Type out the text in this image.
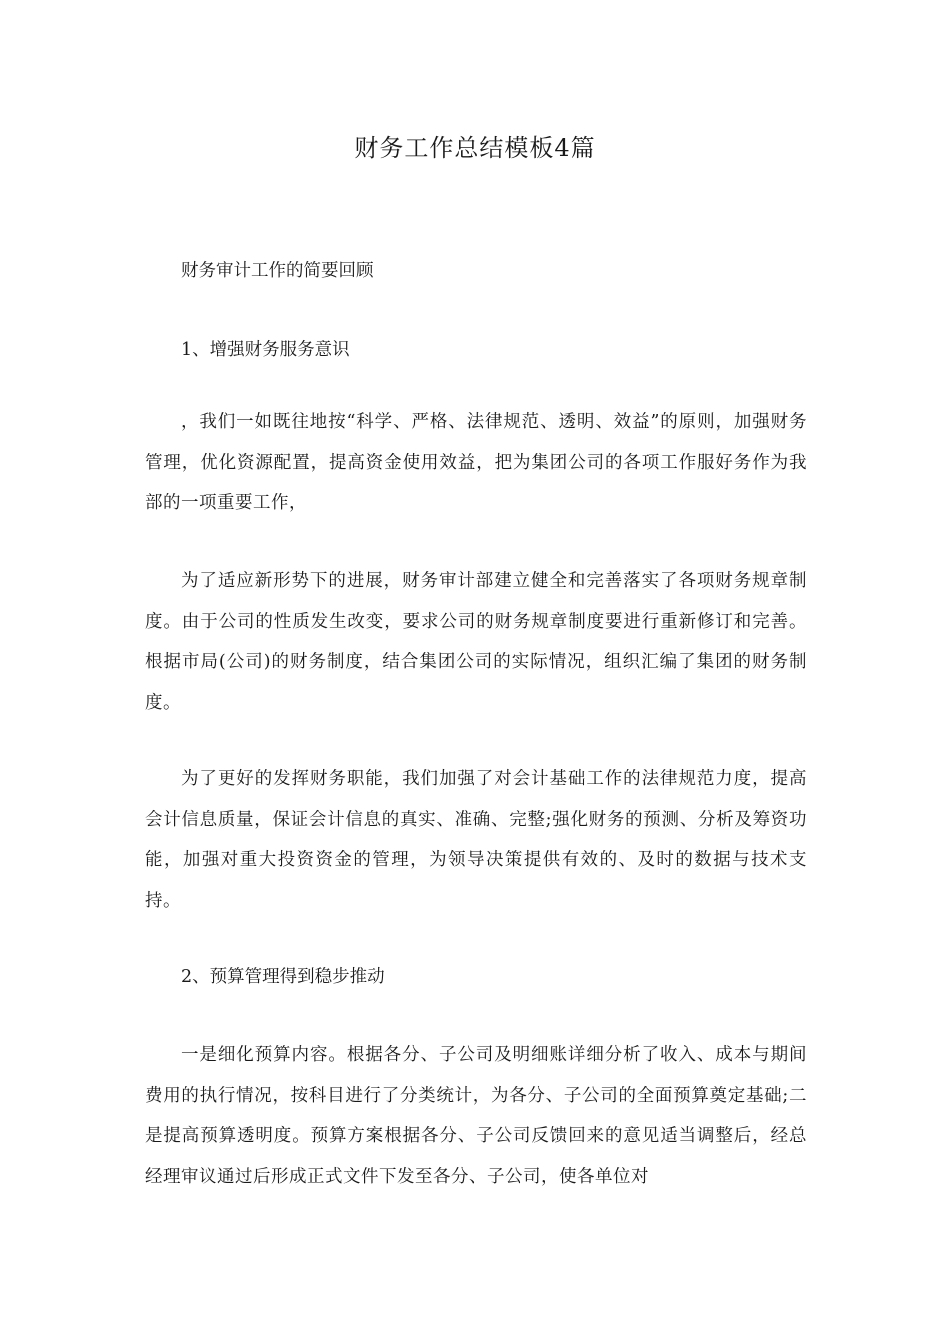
财务工作总结模板4篇
财务审计工作的简要回顾
1、增强财务服务意识
，我们一如既往地按“科学、严格、法律规范、透明、效益”的原则，加强财务管理，优化资源配置，提高资金使用效益，把为集团公司的各项工作服好务作为我部的一项重要工作，
为了适应新形势下的进展，财务审计部建立健全和完善落实了各项财务规章制度。由于公司的性质发生改变，要求公司的财务规章制度要进行重新修订和完善。根据市局(公司)的财务制度，结合集团公司的实际情况，组织汇编了集团的财务制度。
为了更好的发挥财务职能，我们加强了对会计基础工作的法律规范力度，提高会计信息质量，保证会计信息的真实、准确、完整;强化财务的预测、分析及筹资功能，加强对重大投资资金的管理，为领导决策提供有效的、及时的数据与技术支持。
2、预算管理得到稳步推动
一是细化预算内容。根据各分、子公司及明细账详细分析了收入、成本与期间费用的执行情况，按科目进行了分类统计，为各分、子公司的全面预算奠定基础;二是提高预算透明度。预算方案根据各分、子公司反馈回来的意见适当调整后，经总经理审议通过后形成正式文件下发至各分、子公司，使各单位对
